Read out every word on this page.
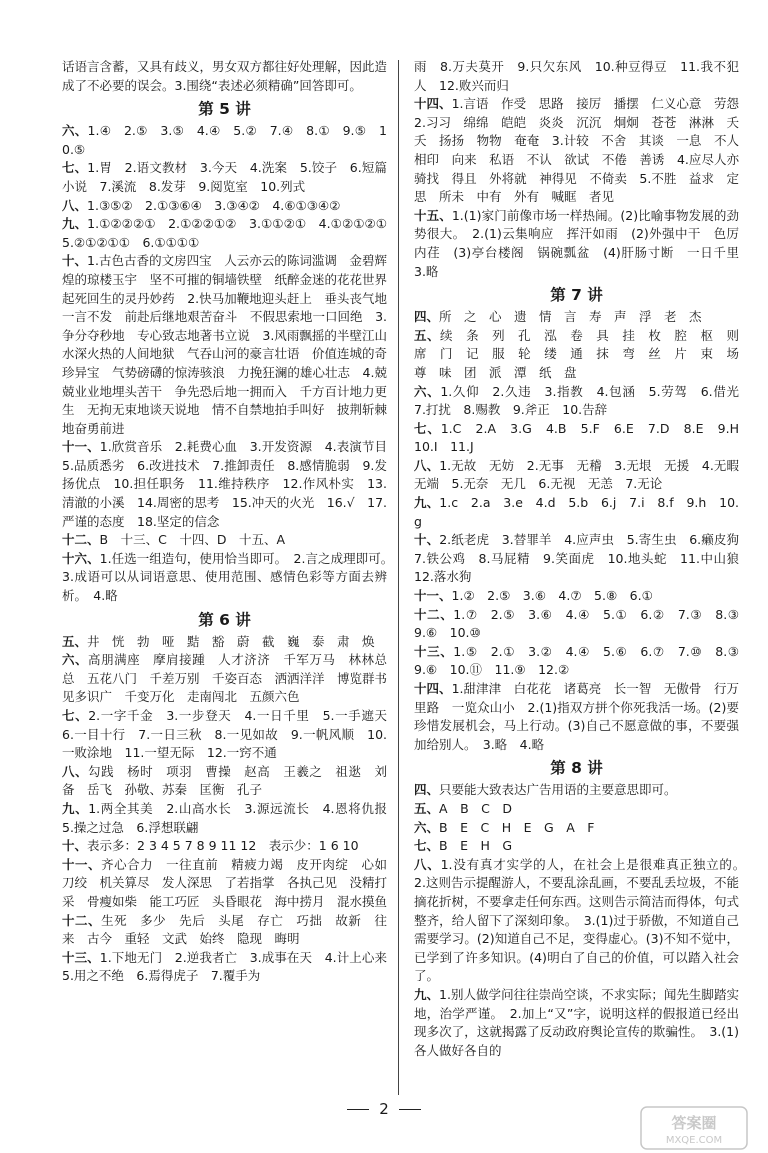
话语言含蓄，又具有歧义，男女双方都往好处理解，因此造成了不必要的误会。3.围绕“表述必须精确”回答即可。

第 5 讲

六、1.④　2.⑤　3.⑤　4.④　5.②　7.④　8.①　9.⑤　10.⑤

七、1.胃　2.语文教材　3.今天　4.洗案　5.饺子　6.短篇小说　7.溪流　8.发芽　9.阅览室　10.列式

八、1.③⑤②　2.①③⑥④　3.③④②　4.⑥①③④②

九、1.①②②②①　2.①②②①②　3.①①②①　4.①②①②①　5.②①②①①　6.①①①①

十、1.古色古香的文房四宝　人云亦云的陈词滥调　金碧辉煌的琼楼玉宇　坚不可摧的铜墙铁壁　纸醉金迷的花花世界　起死回生的灵丹妙药　2.快马加鞭地迎头赶上　垂头丧气地一言不发　前赴后继地艰苦奋斗　不假思索地一口回绝　3.争分夺秒地　专心致志地著书立说　3.风雨飘摇的半壁江山　水深火热的人间地狱　气吞山河的豪言壮语　价值连城的奇珍异宝　气势磅礴的惊涛骇浪　力挽狂澜的雄心壮志　4.兢兢业业地埋头苦干　争先恐后地一拥而入　千方百计地力更生　无拘无束地谈天说地　情不自禁地拍手叫好　披荆斩棘地奋勇前进

十一、1.欣赏音乐　2.耗费心血　3.开发资源　4.表演节目　5.品质悉劣　6.改进技术　7.推卸责任　8.感情脆弱　9.发扬优点　10.担任职务　11.维持秩序　12.作风朴实　13.清澈的小溪　14.周密的思考　15.冲天的火光　16.√　17.严谨的态度　18.坚定的信念

十二、B　十三、C　十四、D　十五、A

十六、1.任选一组造句，使用恰当即可。　2.言之成理即可。　3.成语可以从词语意思、使用范围、感情色彩等方面去辨析。　4.略

第 6 讲

五、井　恍　勃　哑　黠　豁　蔚　截　巍　泰　肃　焕

六、高朋满座　摩肩接踵　人才济济　千军万马　林林总总　五花八门　千差万别　千姿百态　洒洒洋洋　博览群书　见多识广　千变万化　走南闯北　五颜六色

七、2.一字千金　3.一步登天　4.一日千里　5.一手遮天　6.一目十行　7.一日三秋　8.一见如故　9.一帆风顺　10.一败涂地　11.一望无际　12.一窍不通

八、勾践　杨时　项羽　曹操　赵高　王羲之　祖逖　刘备　岳飞　孙敬、苏秦　匡衡　孔子

九、1.两全其美　2.山高水长　3.源远流长　4.恩将仇报　5.操之过急　6.浮想联翩

十、表示多：2 3 4 5 7 8 9 11 12　表示少：1 6 10

十一、齐心合力　一往直前　精疲力竭　皮开肉绽　心如刀绞　机关算尽　发人深思　了若指掌　各执己见　没精打采　骨瘦如柴　能工巧匠　头昏眼花　海中捞月　混水摸鱼

十二、生死　多少　先后　头尾　存亡　巧拙　故新　往来　古今　重轻　文武　始终　隐现　晦明

十三、1.下地无门　2.逆我者亡　3.成事在天　4.计上心来　5.用之不绝　6.焉得虎子　7.覆手为

雨　8.万夫莫开　9.只欠东风　10.种豆得豆　11.我不犯人　12.败兴而归

十四、1.言语　作受　思路　接厉　播摆　仁义心意　劳怨　2.习习　绵绵　皑皑　炎炎　沉沉　炯炯　苍苍　淋淋　夭夭　扬扬　物物　奄奄　3.计较　不舍　其谈　一息　不人　相印　向来　私语　不认　欲试　不倦　善诱　4.应尽人亦　骑找　得且　外将就　神得见　不倚卖　5.不胜　益求　定思　所未　中有　外有　喊眶　者见

十五、1.(1)家门前像市场一样热闹。(2)比喻事物发展的劲势很大。　2.(1)云集响应　挥汗如雨　(2)外强中干　色厉内荏　(3)亭台楼阁　锅碗瓢盆　(4)肝肠寸断　一日千里　3.略

第 7 讲

四、所　之　心　遗　情　言　寿　声　浮　老　杰

五、续　条　列　孔　泓　卷　具　挂　枚　腔　枢　则　席　门　记　服　轮　缕　通　抹　弯　丝　片　束　场　尊　味　团　派　潭　纸　盘

六、1.久仰　2.久违　3.指教　4.包涵　5.劳驾　6.借光　7.打扰　8.赐教　9.斧正　10.告辞

七、1.C　2.A　3.G　4.B　5.F　6.E　7.D　8.E　9.H　10.I　11.J

八、1.无故　无妨　2.无事　无稽　3.无垠　无援　4.无暇　无端　5.无奈　无几　6.无视　无恙　7.无论

九、1.c　2.a　3.e　4.d　5.b　6.j　7.i　8.f　9.h　10.g

十、2.纸老虎　3.替罪羊　4.应声虫　5.寄生虫　6.癞皮狗　7.铁公鸡　8.马屁精　9.笑面虎　10.地头蛇　11.中山狼　12.落水狗

十一、1.②　2.⑤　3.⑥　4.⑦　5.⑧　6.①

十二、1.⑦　2.⑤　3.⑥　4.④　5.①　6.②　7.③　8.③　9.⑥　10.⑩

十三、1.⑤　2.①　3.②　4.④　5.⑥　6.⑦　7.⑩　8.③　9.⑥　10.⑪　11.⑨　12.②

十四、1.甜津津　白花花　诸葛亮　长一智　无傲骨　行万里路　一览众山小　2.(1)指双方拼个你死我活一场。(2)要珍惜发展机会，马上行动。(3)自己不愿意做的事，不要强加给别人。　3.略　4.略

第 8 讲

四、只要能大致表达广告用语的主要意思即可。

五、A　B　C　D

六、B　E　C　H　E　G　A　F

七、B　E　H　G

八、1.没有真才实学的人，在社会上是很难真正独立的。　2.这则告示提醒游人，不要乱涂乱画，不要乱丢垃圾，不能摘花折树，不要拿走任何东西。这则告示简洁而得体，句式整齐，给人留下了深刻印象。　3.(1)过于骄傲，不知道自己需要学习。(2)知道自己不足，变得虚心。(3)不知不觉中，已学到了许多知识。(4)明白了自己的价值，可以踏入社会了。

九、1.别人做学问往往崇尚空谈，不求实际；闻先生脚踏实地，治学严谨。　2.加上“又”字，说明这样的假报道已经出现多次了，这就揭露了反动政府舆论宣传的欺骗性。　3.(1)各人做好各自的

2
答案圈
MXQE.COM
